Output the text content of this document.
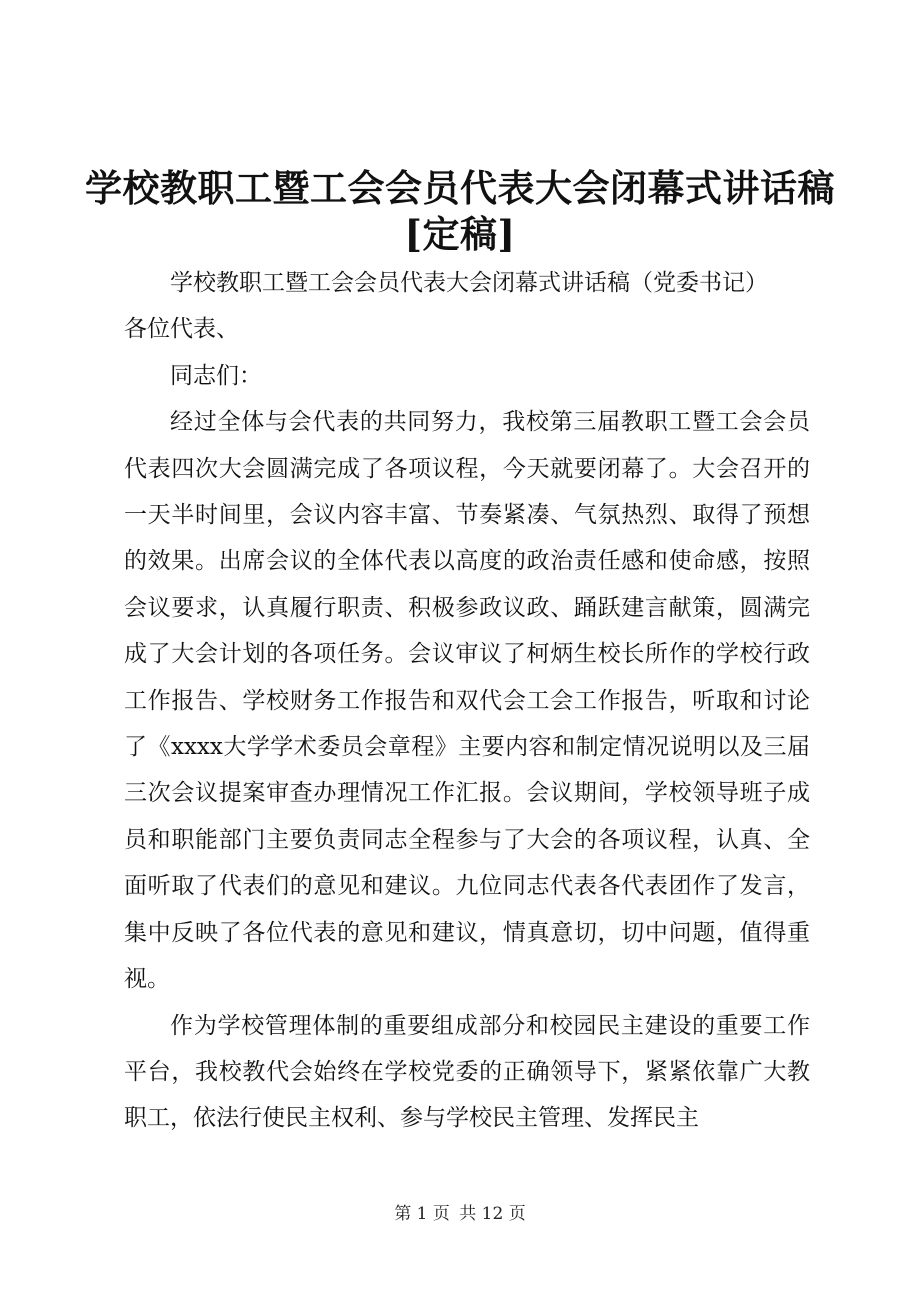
学校教职工暨工会会员代表大会闭幕式讲话稿
[定稿]

学校教职工暨工会会员代表大会闭幕式讲话稿（党委书记）

各位代表、

同志们：

经过全体与会代表的共同努力，我校第三届教职工暨工会会员代表四次大会圆满完成了各项议程，今天就要闭幕了。大会召开的一天半时间里，会议内容丰富、节奏紧凑、气氛热烈、取得了预想的效果。出席会议的全体代表以高度的政治责任感和使命感，按照会议要求，认真履行职责、积极参政议政、踊跃建言献策，圆满完成了大会计划的各项任务。会议审议了柯炳生校长所作的学校行政工作报告、学校财务工作报告和双代会工会工作报告，听取和讨论了《xxxx大学学术委员会章程》主要内容和制定情况说明以及三届三次会议提案审查办理情况工作汇报。会议期间，学校领导班子成员和职能部门主要负责同志全程参与了大会的各项议程，认真、全面听取了代表们的意见和建议。九位同志代表各代表团作了发言，集中反映了各位代表的意见和建议，情真意切，切中问题，值得重视。

作为学校管理体制的重要组成部分和校园民主建设的重要工作平台，我校教代会始终在学校党委的正确领导下，紧紧依靠广大教职工，依法行使民主权利、参与学校民主管理、发挥民主

第 1 页 共 12 页
